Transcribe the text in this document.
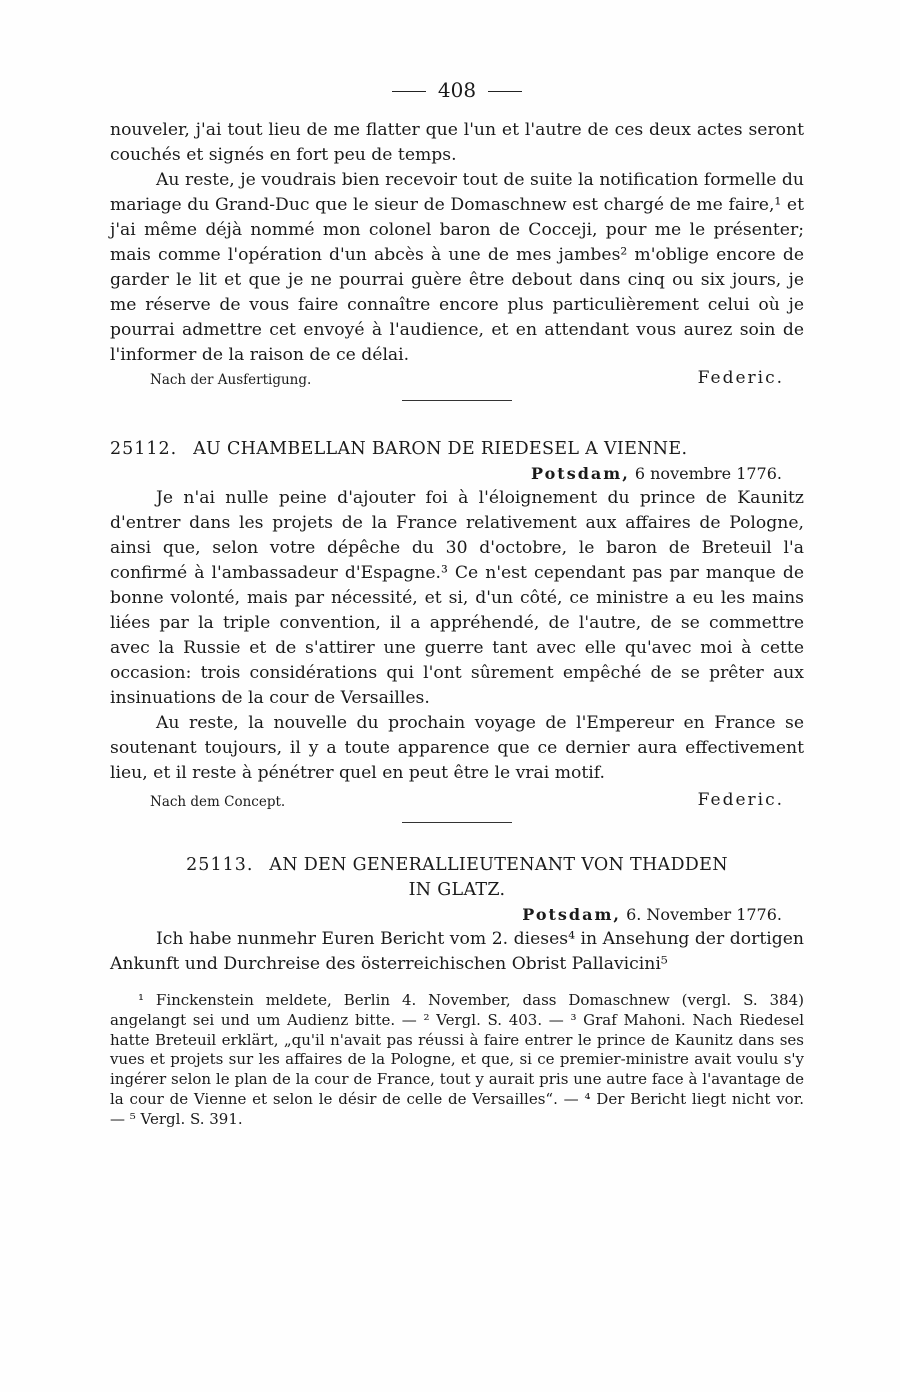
408

nouveler, j'ai tout lieu de me flatter que l'un et l'autre de ces deux actes seront couchés et signés en fort peu de temps.

Au reste, je voudrais bien recevoir tout de suite la notification formelle du mariage du Grand-Duc que le sieur de Domaschnew est chargé de me faire,¹ et j'ai même déjà nommé mon colonel baron de Cocceji, pour me le présenter; mais comme l'opération d'un abcès à une de mes jambes² m'oblige encore de garder le lit et que je ne pourrai guère être debout dans cinq ou six jours, je me réserve de vous faire connaître encore plus particulièrement celui où je pourrai admettre cet envoyé à l'audience, et en attendant vous aurez soin de l'informer de la raison de ce délai.

Nach der Ausfertigung.	Federic.
25112. AU CHAMBELLAN BARON DE RIEDESEL A VIENNE.
Potsdam, 6 novembre 1776.

Je n'ai nulle peine d'ajouter foi à l'éloignement du prince de Kaunitz d'entrer dans les projets de la France relativement aux affaires de Pologne, ainsi que, selon votre dépêche du 30 d'octobre, le baron de Breteuil l'a confirmé à l'ambassadeur d'Espagne.³ Ce n'est cependant pas par manque de bonne volonté, mais par nécessité, et si, d'un côté, ce ministre a eu les mains liées par la triple convention, il a appréhendé, de l'autre, de se commettre avec la Russie et de s'attirer une guerre tant avec elle qu'avec moi à cette occasion: trois considérations qui l'ont sûrement empêché de se prêter aux insinuations de la cour de Versailles.

Au reste, la nouvelle du prochain voyage de l'Empereur en France se soutenant toujours, il y a toute apparence que ce dernier aura effectivement lieu, et il reste à pénétrer quel en peut être le vrai motif.

Nach dem Concept.	Federic.
25113. AN DEN GENERALLIEUTENANT VON THADDEN
IN GLATZ.
Potsdam, 6. November 1776.

Ich habe nunmehr Euren Bericht vom 2. dieses⁴ in Ansehung der dortigen Ankunft und Durchreise des österreichischen Obrist Pallavicini⁵

¹ Finckenstein meldete, Berlin 4. November, dass Domaschnew (vergl. S. 384) angelangt sei und um Audienz bitte. — ² Vergl. S. 403. — ³ Graf Mahoni. Nach Riedesel hatte Breteuil erklärt, „qu'il n'avait pas réussi à faire entrer le prince de Kaunitz dans ses vues et projets sur les affaires de la Pologne, et que, si ce premier-ministre avait voulu s'y ingérer selon le plan de la cour de France, tout y aurait pris une autre face à l'avantage de la cour de Vienne et selon le désir de celle de Versailles“. — ⁴ Der Bericht liegt nicht vor. — ⁵ Vergl. S. 391.
